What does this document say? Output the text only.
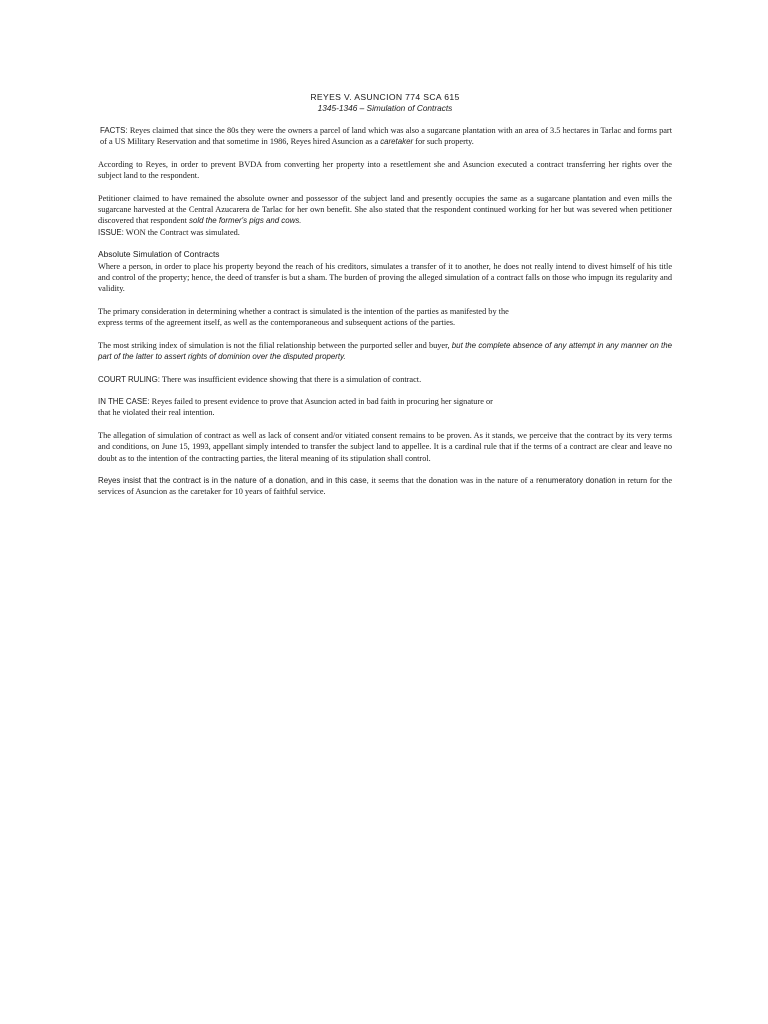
REYES V. ASUNCION 774 SCA 615
1345-1346 – Simulation of Contracts

FACTS: Reyes claimed that since the 80s they were the owners a parcel of land which was also a sugarcane plantation with an area of 3.5 hectares in Tarlac and forms part of a US Military Reservation and that sometime in 1986, Reyes hired Asuncion as a caretaker for such property.

According to Reyes, in order to prevent BVDA from converting her property into a resettlement she and Asuncion executed a contract transferring her rights over the subject land to the respondent.

Petitioner claimed to have remained the absolute owner and possessor of the subject land and presently occupies the same as a sugarcane plantation and even mills the sugarcane harvested at the Central Azucarera de Tarlac for her own benefit. She also stated that the respondent continued working for her but was severed when petitioner discovered that respondent sold the former's pigs and cows.
ISSUE: WON the Contract was simulated.

Absolute Simulation of Contracts
Where a person, in order to place his property beyond the reach of his creditors, simulates a transfer of it to another, he does not really intend to divest himself of his title and control of the property; hence, the deed of transfer is but a sham. The burden of proving the alleged simulation of a contract falls on those who impugn its regularity and validity.

The primary consideration in determining whether a contract is simulated is the intention of the parties as manifested by the
express terms of the agreement itself, as well as the contemporaneous and subsequent actions of the parties.

The most striking index of simulation is not the filial relationship between the purported seller and buyer, but the complete absence of any attempt in any manner on the part of the latter to assert rights of dominion over the disputed property.

COURT RULING: There was insufficient evidence showing that there is a simulation of contract.

IN THE CASE: Reyes failed to present evidence to prove that Asuncion acted in bad faith in procuring her signature or
that he violated their real intention.

The allegation of simulation of contract as well as lack of consent and/or vitiated consent remains to be proven. As it stands, we perceive that the contract by its very terms and conditions, on June 15, 1993, appellant simply intended to transfer the subject land to appellee. It is a cardinal rule that if the terms of a contract are clear and leave no doubt as to the intention of the contracting parties, the literal meaning of its stipulation shall control.

Reyes insist that the contract is in the nature of a donation, and in this case, it seems that the donation was in the nature of a renumeratory donation in return for the services of Asuncion as the caretaker for 10 years of faithful service.
